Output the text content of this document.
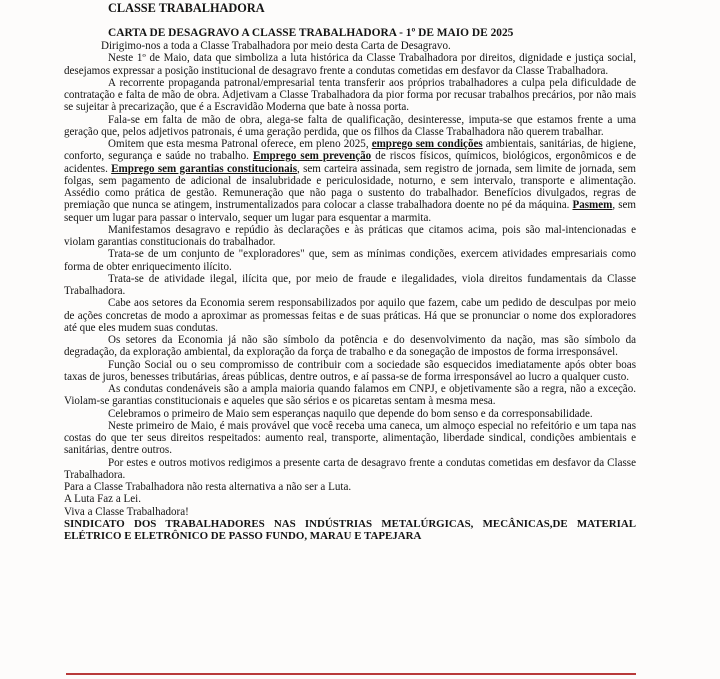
CLASSE TRABALHADORA
CARTA DE DESAGRAVO A CLASSE TRABALHADORA - 1º DE MAIO DE 2025

Dirigimo-nos a toda a Classe Trabalhadora por meio desta Carta de Desagravo.

Neste 1º de Maio, data que simboliza a luta histórica da Classe Trabalhadora por direitos, dignidade e justiça social, desejamos expressar a posição institucional de desagravo frente a condutas cometidas em desfavor da Classe Trabalhadora.

A recorrente propaganda patronal/empresarial tenta transferir aos próprios trabalhadores a culpa pela dificuldade de contratação e falta de mão de obra. Adjetivam a Classe Trabalhadora da pior forma por recusar trabalhos precários, por não mais se sujeitar à precarização, que é a Escravidão Moderna que bate à nossa porta.

Fala-se em falta de mão de obra, alega-se falta de qualificação, desinteresse, imputa-se que estamos frente a uma geração que, pelos adjetivos patronais, é uma geração perdida, que os filhos da Classe Trabalhadora não querem trabalhar.

Omitem que esta mesma Patronal oferece, em pleno 2025, emprego sem condições ambientais, sanitárias, de higiene, conforto, segurança e saúde no trabalho. Emprego sem prevenção de riscos físicos, químicos, biológicos, ergonômicos e de acidentes. Emprego sem garantias constitucionais, sem carteira assinada, sem registro de jornada, sem limite de jornada, sem folgas, sem pagamento de adicional de insalubridade e periculosidade, noturno, e sem intervalo, transporte e alimentação. Assédio como prática de gestão. Remuneração que não paga o sustento do trabalhador. Benefícios divulgados, regras de premiação que nunca se atingem, instrumentalizados para colocar a classe trabalhadora doente no pé da máquina. Pasmem, sem sequer um lugar para passar o intervalo, sequer um lugar para esquentar a marmita.

Manifestamos desagravo e repúdio às declarações e às práticas que citamos acima, pois são mal-intencionadas e violam garantias constitucionais do trabalhador.

Trata-se de um conjunto de "exploradores" que, sem as mínimas condições, exercem atividades empresariais como forma de obter enriquecimento ilícito.

Trata-se de atividade ilegal, ilícita que, por meio de fraude e ilegalidades, viola direitos fundamentais da Classe Trabalhadora.

Cabe aos setores da Economia serem responsabilizados por aquilo que fazem, cabe um pedido de desculpas por meio de ações concretas de modo a aproximar as promessas feitas e de suas práticas. Há que se pronunciar o nome dos exploradores até que eles mudem suas condutas.

Os setores da Economia já não são símbolo da potência e do desenvolvimento da nação, mas são símbolo da degradação, da exploração ambiental, da exploração da força de trabalho e da sonegação de impostos de forma irresponsável.

Função Social ou o seu compromisso de contribuir com a sociedade são esquecidos imediatamente após obter boas taxas de juros, benesses tributárias, áreas públicas, dentre outros, e aí passa-se de forma irresponsável ao lucro a qualquer custo.

As condutas condenáveis são a ampla maioria quando falamos em CNPJ, e objetivamente são a regra, não a exceção. Violam-se garantias constitucionais e aqueles que são sérios e os picaretas sentam à mesma mesa.

Celebramos o primeiro de Maio sem esperanças naquilo que depende do bom senso e da corresponsabilidade.

Neste primeiro de Maio, é mais provável que você receba uma caneca, um almoço especial no refeitório e um tapa nas costas do que ter seus direitos respeitados: aumento real, transporte, alimentação, liberdade sindical, condições ambientais e sanitárias, dentre outros.

Por estes e outros motivos redigimos a presente carta de desagravo frente a condutas cometidas em desfavor da Classe Trabalhadora.

Para a Classe Trabalhadora não resta alternativa a não ser a Luta.

A Luta Faz a Lei.

Viva a Classe Trabalhadora!

SINDICATO DOS TRABALHADORES NAS INDÚSTRIAS METALÚRGICAS, MECÂNICAS,DE MATERIAL ELÉTRICO E ELETRÔNICO DE PASSO FUNDO, MARAU E TAPEJARA
